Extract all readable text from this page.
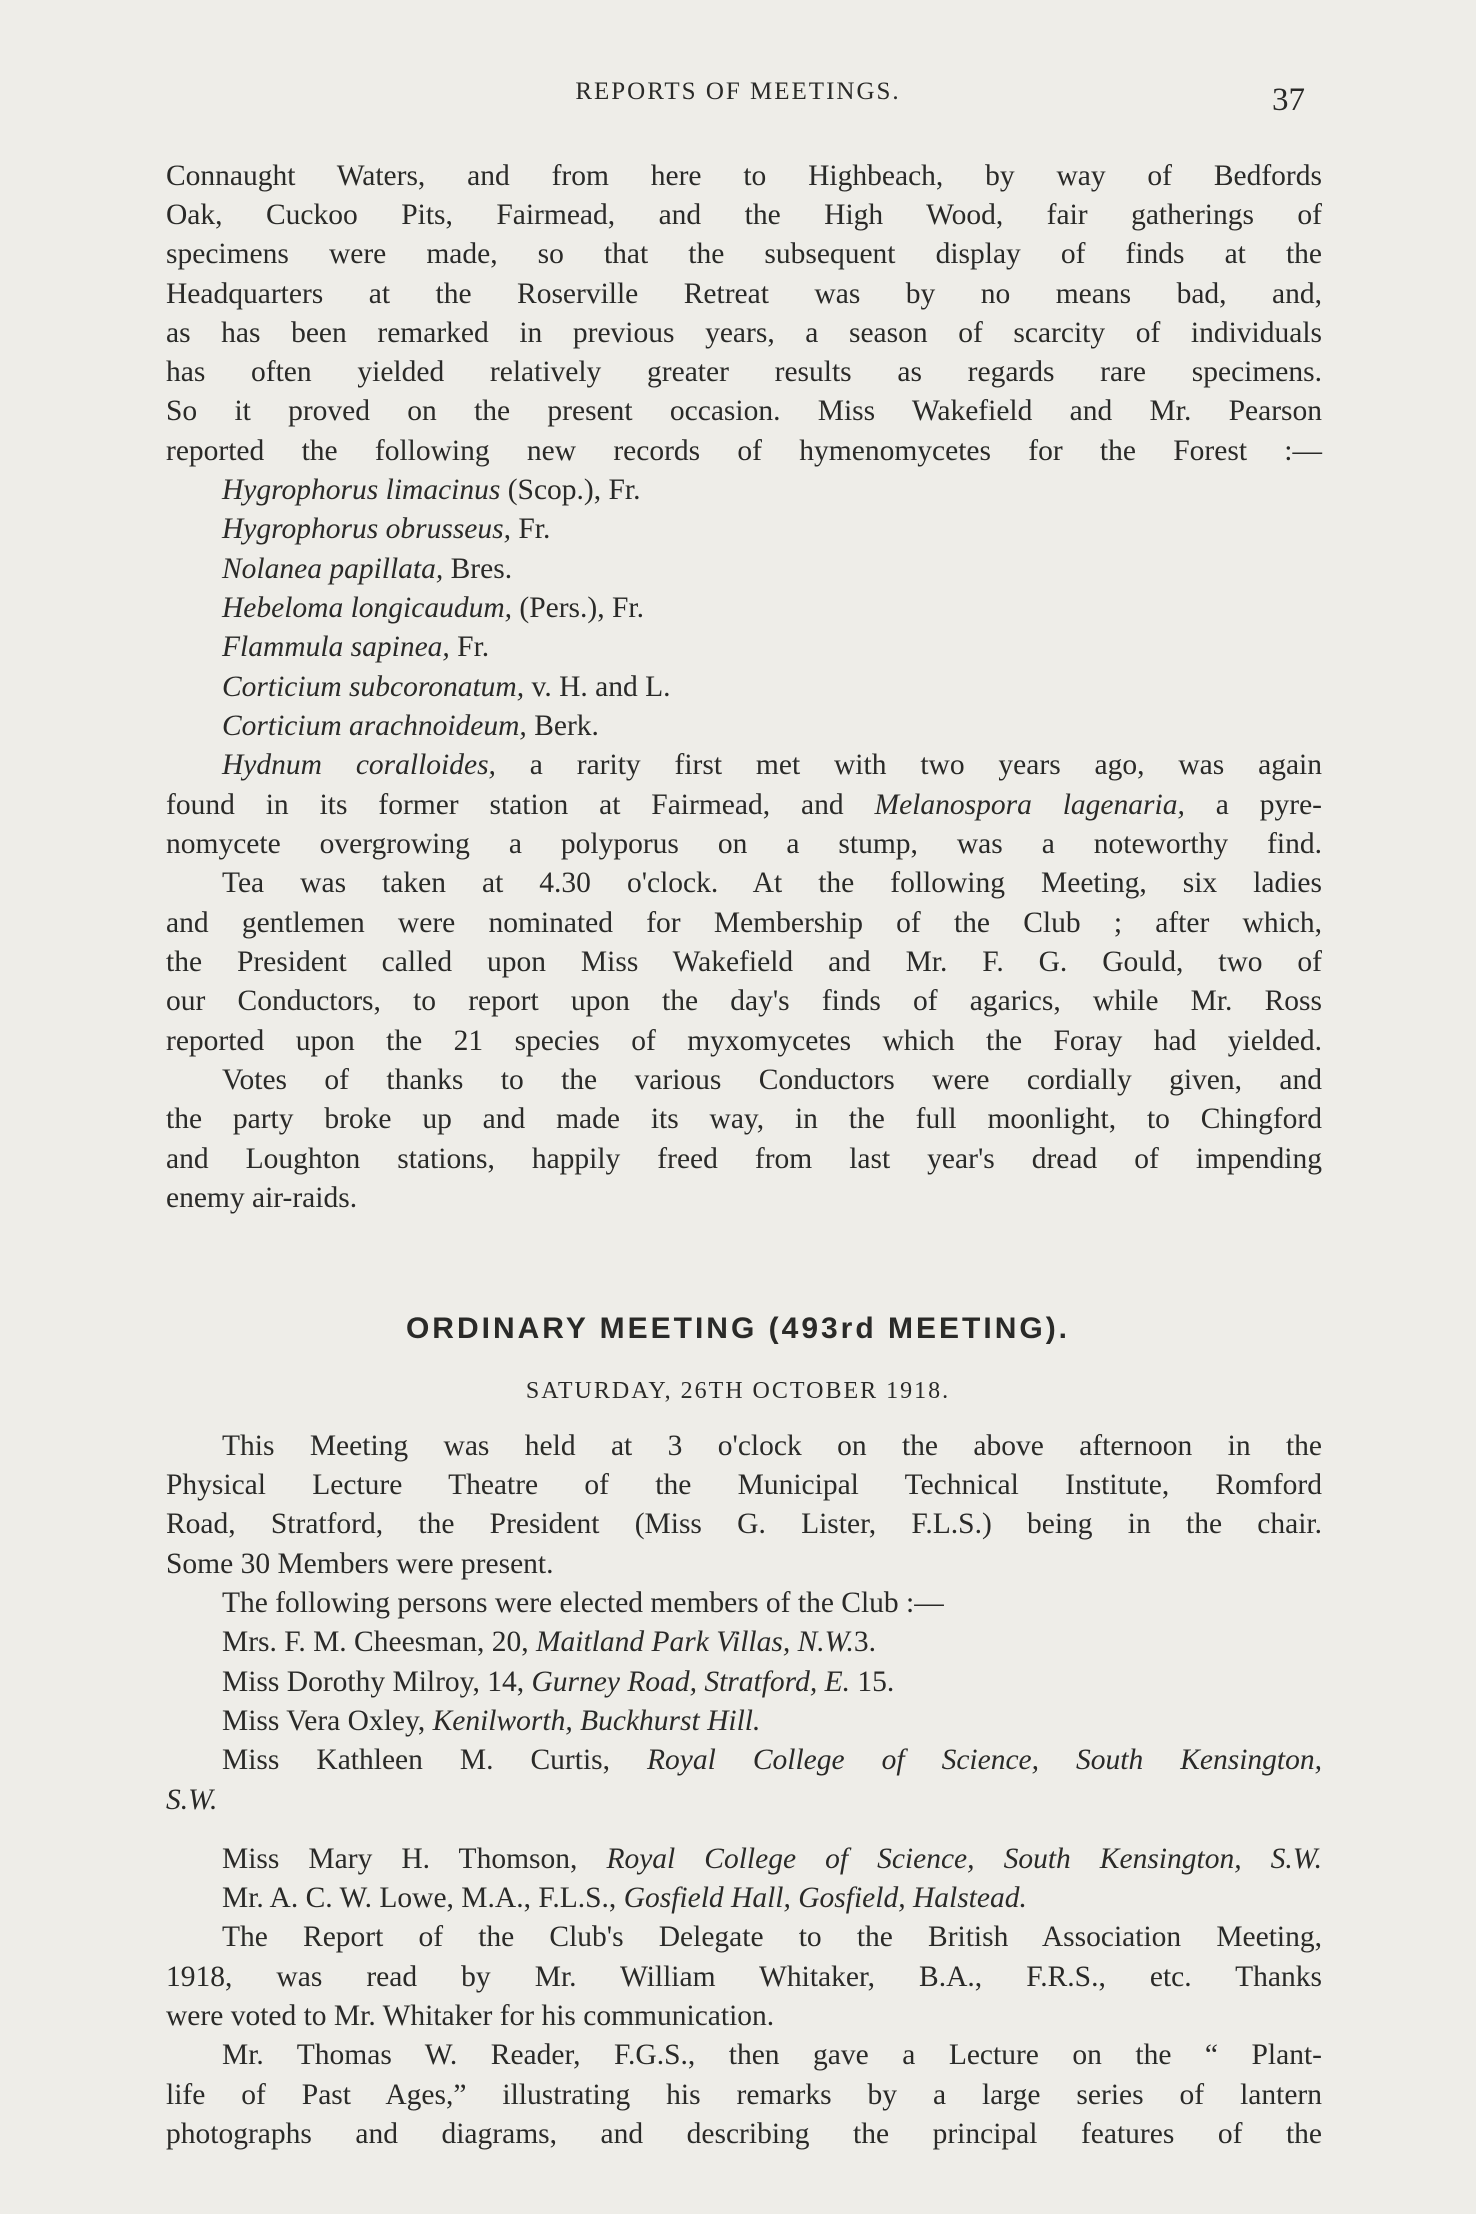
REPORTS OF MEETINGS.	37
Connaught Waters, and from here to Highbeach, by way of Bedfords
Oak, Cuckoo Pits, Fairmead, and the High Wood, fair gatherings of
specimens were made, so that the subsequent display of finds at the
Headquarters at the Roserville Retreat was by no means bad, and,
as has been remarked in previous years, a season of scarcity of individuals
has often yielded relatively greater results as regards rare specimens.
So it proved on the present occasion. Miss Wakefield and Mr. Pearson
reported the following new records of hymenomycetes for the Forest :—
Hygrophorus limacinus (Scop.), Fr.
Hygrophorus obrusseus, Fr.
Nolanea papillata, Bres.
Hebeloma longicaudum, (Pers.), Fr.
Flammula sapinea, Fr.
Corticium subcoronatum, v. H. and L.
Corticium arachnoideum, Berk.
Hydnum coralloides, a rarity first met with two years ago, was again
found in its former station at Fairmead, and Melanospora lagenaria, a pyre-
nomycete overgrowing a polyporus on a stump, was a noteworthy find.
Tea was taken at 4.30 o'clock. At the following Meeting, six ladies
and gentlemen were nominated for Membership of the Club ; after which,
the President called upon Miss Wakefield and Mr. F. G. Gould, two of
our Conductors, to report upon the day's finds of agarics, while Mr. Ross
reported upon the 21 species of myxomycetes which the Foray had yielded.
Votes of thanks to the various Conductors were cordially given, and
the party broke up and made its way, in the full moonlight, to Chingford
and Loughton stations, happily freed from last year's dread of impending
enemy air-raids.
ORDINARY MEETING (493rd MEETING).
SATURDAY, 26TH OCTOBER 1918.
This Meeting was held at 3 o'clock on the above afternoon in the
Physical Lecture Theatre of the Municipal Technical Institute, Romford
Road, Stratford, the President (Miss G. Lister, F.L.S.) being in the chair.
Some 30 Members were present.
The following persons were elected members of the Club :—
Mrs. F. M. Cheesman, 20, Maitland Park Villas, N.W.3.
Miss Dorothy Milroy, 14, Gurney Road, Stratford, E. 15.
Miss Vera Oxley, Kenilworth, Buckhurst Hill.
Miss Kathleen M. Curtis, Royal College of Science, South Kensington,
S.W.
Miss Mary H. Thomson, Royal College of Science, South Kensington, S.W.
Mr. A. C. W. Lowe, M.A., F.L.S., Gosfield Hall, Gosfield, Halstead.
The Report of the Club's Delegate to the British Association Meeting,
1918, was read by Mr. William Whitaker, B.A., F.R.S., etc. Thanks
were voted to Mr. Whitaker for his communication.
Mr. Thomas W. Reader, F.G.S., then gave a Lecture on the “ Plant-
life of Past Ages,” illustrating his remarks by a large series of lantern
photographs and diagrams, and describing the principal features of the
